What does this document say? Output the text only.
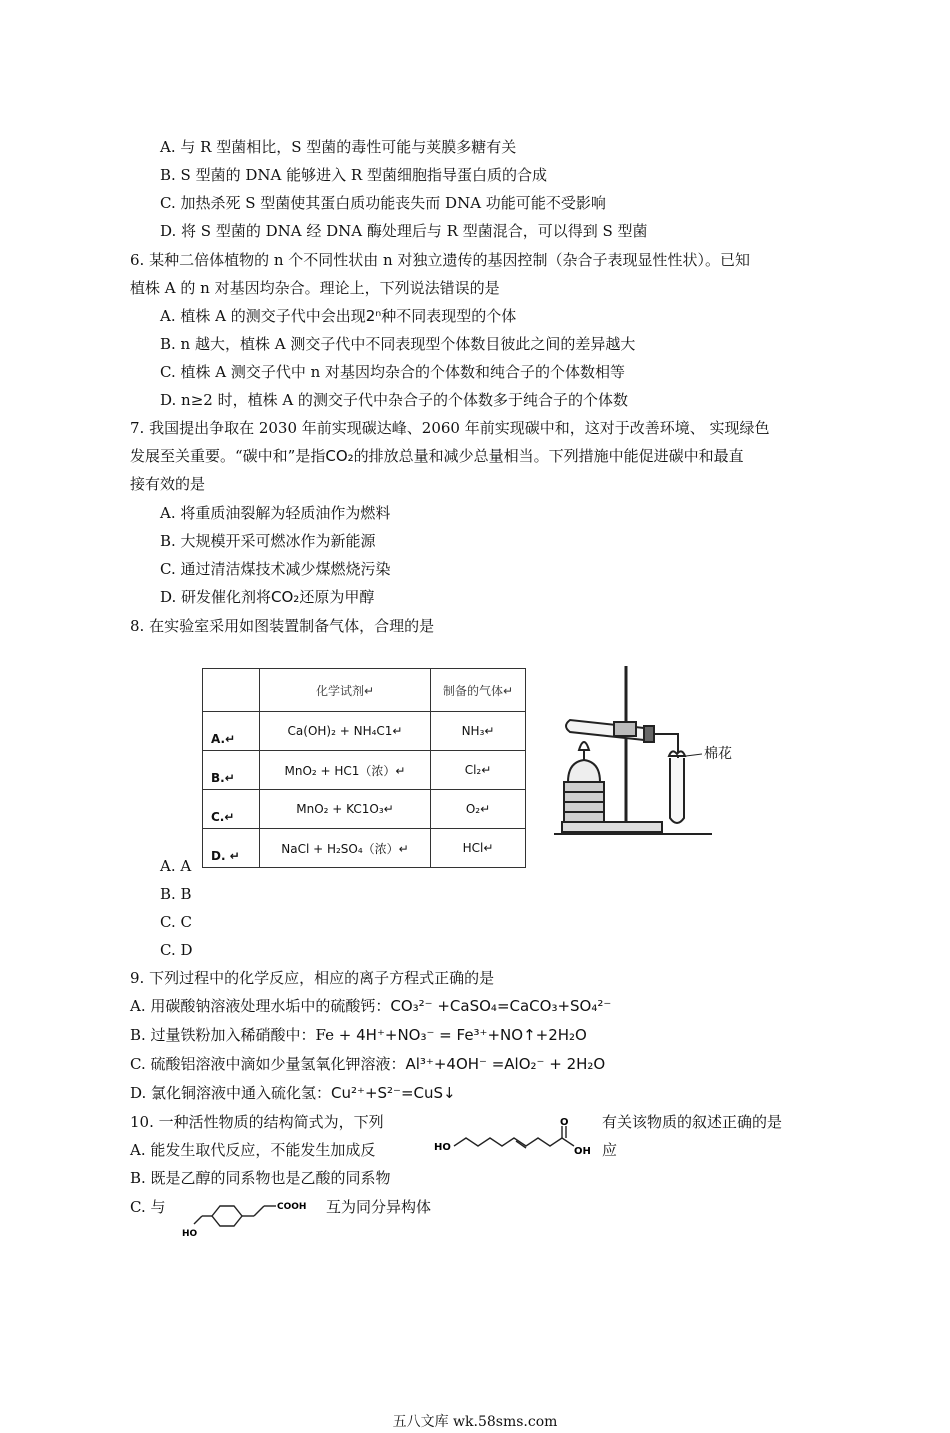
A. 与 R 型菌相比，S 型菌的毒性可能与荚膜多糖有关
B. S 型菌的 DNA 能够进入 R 型菌细胞指导蛋白质的合成
C. 加热杀死 S 型菌使其蛋白质功能丧失而 DNA 功能可能不受影响
D. 将 S 型菌的 DNA 经 DNA 酶处理后与 R 型菌混合，可以得到 S 型菌
6. 某种二倍体植物的 n 个不同性状由 n 对独立遗传的基因控制（杂合子表现显性性状）。已知
植株 A 的 n 对基因均杂合。理论上，下列说法错误的是
A. 植株 A 的测交子代中会出现2ⁿ种不同表现型的个体
B. n 越大，植株 A 测交子代中不同表现型个体数目彼此之间的差异越大
C. 植株 A 测交子代中 n 对基因均杂合的个体数和纯合子的个体数相等
D. n≥2 时，植株 A 的测交子代中杂合子的个体数多于纯合子的个体数
7. 我国提出争取在 2030 年前实现碳达峰、2060 年前实现碳中和，这对于改善环境、 实现绿色
发展至关重要。“碳中和”是指CO₂的排放总量和减少总量相当。下列措施中能促进碳中和最直
接有效的是
A. 将重质油裂解为轻质油作为燃料
B. 大规模开采可燃冰作为新能源
C. 通过清洁煤技术减少煤燃烧污染
D. 研发催化剂将CO₂还原为甲醇
8. 在实验室采用如图装置制备气体，合理的是
	化学试剂↵	制备的气体↵
A.↵	Ca(OH)₂ + NH₄C1↵	NH₃↵
B.↵	MnO₂ + HC1（浓）↵	Cl₂↵
C.↵	MnO₂ + KC1O₃↵	O₂↵
D. ↵	NaCl + H₂SO₄（浓）↵	HCl↵
棉花
A. A
B. B
C. C
C. D
9. 下列过程中的化学反应，相应的离子方程式正确的是
A. 用碳酸钠溶液处理水垢中的硫酸钙：CO₃²⁻ +CaSO₄=CaCO₃+SO₄²⁻
B. 过量铁粉加入稀硝酸中：Fe + 4H⁺+NO₃⁻ = Fe³⁺+NO↑+2H₂O
C. 硫酸铝溶液中滴如少量氢氧化钾溶液：Al³⁺+4OH⁻ =AlO₂⁻ + 2H₂O
D. 氯化铜溶液中通入硫化氢：Cu²⁺+S²⁻=CuS↓
10. 一种活性物质的结构简式为，下列	有关该物质的叙述正确的是
A. 能发生取代反应，不能发生加成反	应
HO
O
OH
B. 既是乙醇的同系物也是乙酸的同系物
C. 与	COOH
HO
互为同分异构体
五八文库 wk.58sms.com
